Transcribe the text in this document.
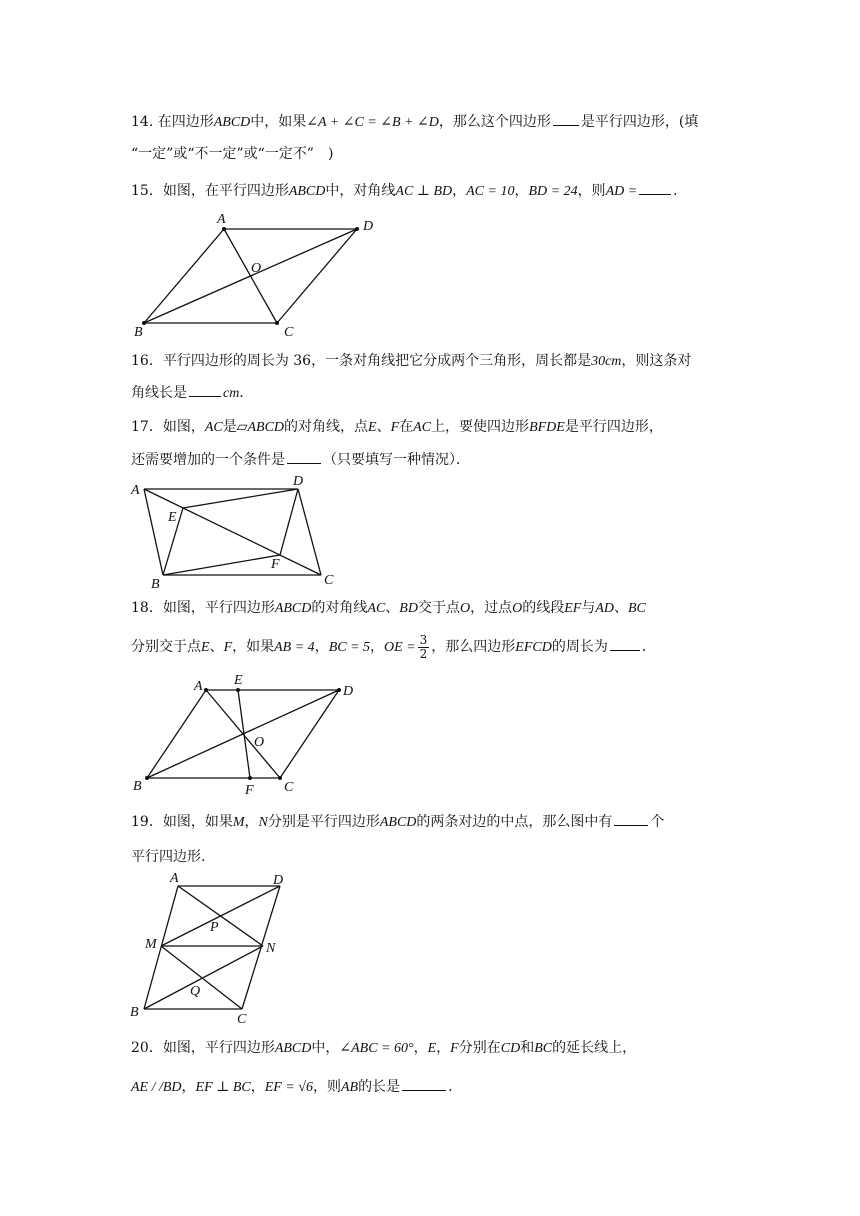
14. 在四边形ABCD中，如果∠A + ∠C = ∠B + ∠D，那么这个四边形 是平行四边形，(填
“一定”或“不一定”或“一定不”　)
15．如图，在平行四边形ABCD中，对角线AC ⊥ BD，AC = 10，BD = 24，则AD =	．
A	D
O
B	C
A
D
E
F
B	C
A E
D
O
B	F C
A	D
P
M	N
Q
B	C
16．平行四边形的周长为 36，一条对角线把它分成两个三角形，周长都是30cm，则这条对
角线长是	cm．
17．如图，AC是▱ABCD的对角线，点E、F在AC上，要使四边形BFDE是平行四边形，
还需要增加的一个条件是	（只要填写一种情况）．
18．如图，平行四边形ABCD的对角线AC、BD交于点O，过点O的线段EF与AD、BC
分别交于点E、F，如果AB = 4，BC = 5，OE = $\frac{3}{2}$ ，那么四边形EFCD的周长为 ．
19．如图，如果M，N分别是平行四边形ABCD的两条对边的中点，那么图中有	个
平行四边形.
20．如图，平行四边形ABCD中，∠ABC = 60°，E，F分别在CD和BC的延长线上，
AE / /BD，EF ⊥ BC，EF = √6，则AB的长是	．
